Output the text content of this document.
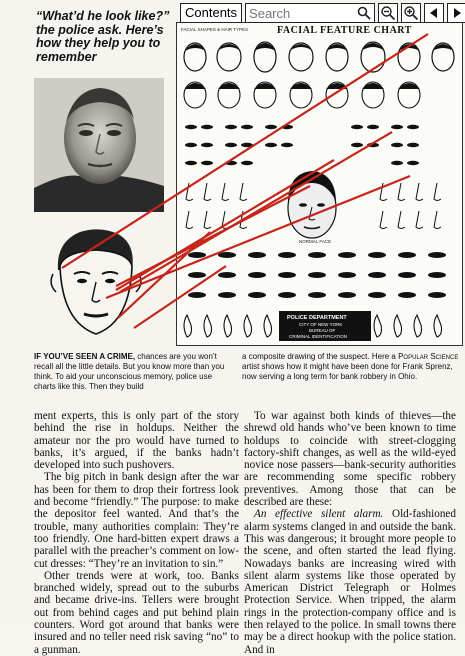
Contents
Search
“What’d he look like?” the police ask. Here’s how they help you to remember
FACIAL FEATURE CHART
FACIAL SHAPES & HAIR TYPES
POLICE DEPARTMENT
CITY OF NEW YORK
BUREAU OF
CRIMINAL IDENTIFICATION
NORMAL FACE
IF YOU’VE SEEN A CRIME, chances are you won’t recall all the little details. But you know more than you think. To aid your unconscious memory, police use charts like this. Then they build
a composite drawing of the suspect. Here a Popular Science artist shows how it might have been done for Frank Sprenz, now serving a long term for bank robbery in Ohio.

ment experts, this is only part of the story behind the rise in holdups. Neither the amateur nor the pro would have turned to banks, it’s argued, if the banks hadn’t developed into such pushovers.

The big pitch in bank design after the war has been for them to drop their fortress look and become “friendly.” The purpose: to make the depositor feel wanted. And that’s the trouble, many authorities complain: They’re too friendly. One hard-bitten expert draws a parallel with the preacher’s comment on low-cut dresses: “They’re an invitation to sin.”

Other trends were at work, too. Banks branched widely, spread out to the suburbs and became drive-ins. Tellers were brought out from behind cages and put behind plain counters. Word got around that banks were insured and no teller need risk saving “no” to a gunman.

To war against both kinds of thieves—the shrewd old hands who’ve been known to time holdups to coincide with street-clogging factory-shift changes, as well as the wild-eyed novice nose passers—bank-security authorities are recommending some specific robbery preventives. Among those that can be described are these:

An effective silent alarm. Old-fashioned alarm systems clanged in and outside the bank. This was dangerous; it brought more people to the scene, and often started the lead flying. Nowadays banks are increasing wired with silent alarm systems like those operated by American District Telegraph or Holmes Protection Service. When tripped, the alarm rings in the protection-company office and is then relayed to the police. In small towns there may be a direct hookup with the police station. And in
